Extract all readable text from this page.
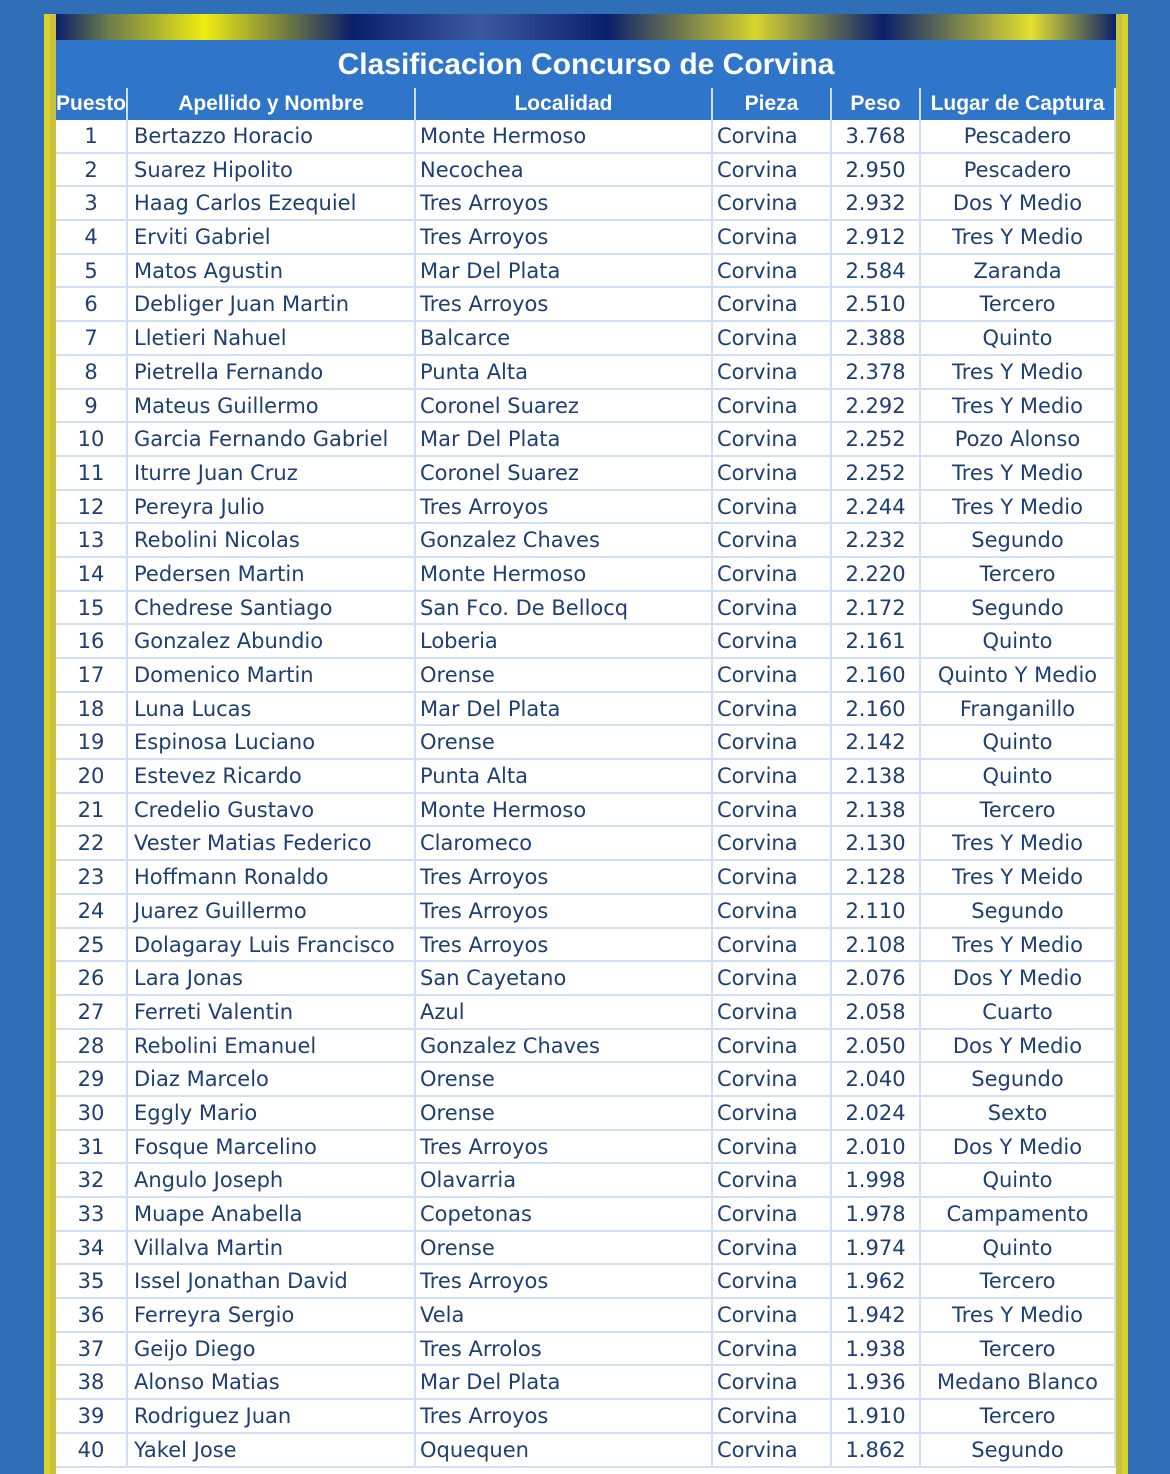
Clasificacion Concurso de Corvina
Puesto	Apellido y Nombre	Localidad	Pieza	Peso	Lugar de Captura
1	Bertazzo Horacio	Monte Hermoso	Corvina	3.768	Pescadero
2	Suarez Hipolito	Necochea	Corvina	2.950	Pescadero
3	Haag Carlos Ezequiel	Tres Arroyos	Corvina	2.932	Dos Y Medio
4	Erviti Gabriel	Tres Arroyos	Corvina	2.912	Tres Y Medio
5	Matos Agustin	Mar Del Plata	Corvina	2.584	Zaranda
6	Debliger Juan Martin	Tres Arroyos	Corvina	2.510	Tercero
7	Lletieri Nahuel	Balcarce	Corvina	2.388	Quinto
8	Pietrella Fernando	Punta Alta	Corvina	2.378	Tres Y Medio
9	Mateus Guillermo	Coronel Suarez	Corvina	2.292	Tres Y Medio
10	Garcia Fernando Gabriel	Mar Del Plata	Corvina	2.252	Pozo Alonso
11	Iturre Juan Cruz	Coronel Suarez	Corvina	2.252	Tres Y Medio
12	Pereyra Julio	Tres Arroyos	Corvina	2.244	Tres Y Medio
13	Rebolini Nicolas	Gonzalez Chaves	Corvina	2.232	Segundo
14	Pedersen Martin	Monte Hermoso	Corvina	2.220	Tercero
15	Chedrese Santiago	San Fco. De Bellocq	Corvina	2.172	Segundo
16	Gonzalez Abundio	Loberia	Corvina	2.161	Quinto
17	Domenico Martin	Orense	Corvina	2.160	Quinto Y Medio
18	Luna Lucas	Mar Del Plata	Corvina	2.160	Franganillo
19	Espinosa Luciano	Orense	Corvina	2.142	Quinto
20	Estevez Ricardo	Punta Alta	Corvina	2.138	Quinto
21	Credelio Gustavo	Monte Hermoso	Corvina	2.138	Tercero
22	Vester Matias Federico	Claromeco	Corvina	2.130	Tres Y Medio
23	Hoffmann Ronaldo	Tres Arroyos	Corvina	2.128	Tres Y Meido
24	Juarez Guillermo	Tres Arroyos	Corvina	2.110	Segundo
25	Dolagaray Luis Francisco	Tres Arroyos	Corvina	2.108	Tres Y Medio
26	Lara Jonas	San Cayetano	Corvina	2.076	Dos Y Medio
27	Ferreti Valentin	Azul	Corvina	2.058	Cuarto
28	Rebolini Emanuel	Gonzalez Chaves	Corvina	2.050	Dos Y Medio
29	Diaz Marcelo	Orense	Corvina	2.040	Segundo
30	Eggly Mario	Orense	Corvina	2.024	Sexto
31	Fosque Marcelino	Tres Arroyos	Corvina	2.010	Dos Y Medio
32	Angulo Joseph	Olavarria	Corvina	1.998	Quinto
33	Muape Anabella	Copetonas	Corvina	1.978	Campamento
34	Villalva Martin	Orense	Corvina	1.974	Quinto
35	Issel Jonathan David	Tres Arroyos	Corvina	1.962	Tercero
36	Ferreyra Sergio	Vela	Corvina	1.942	Tres Y Medio
37	Geijo Diego	Tres Arrolos	Corvina	1.938	Tercero
38	Alonso Matias	Mar Del Plata	Corvina	1.936	Medano Blanco
39	Rodriguez Juan	Tres Arroyos	Corvina	1.910	Tercero
40	Yakel Jose	Oquequen	Corvina	1.862	Segundo
